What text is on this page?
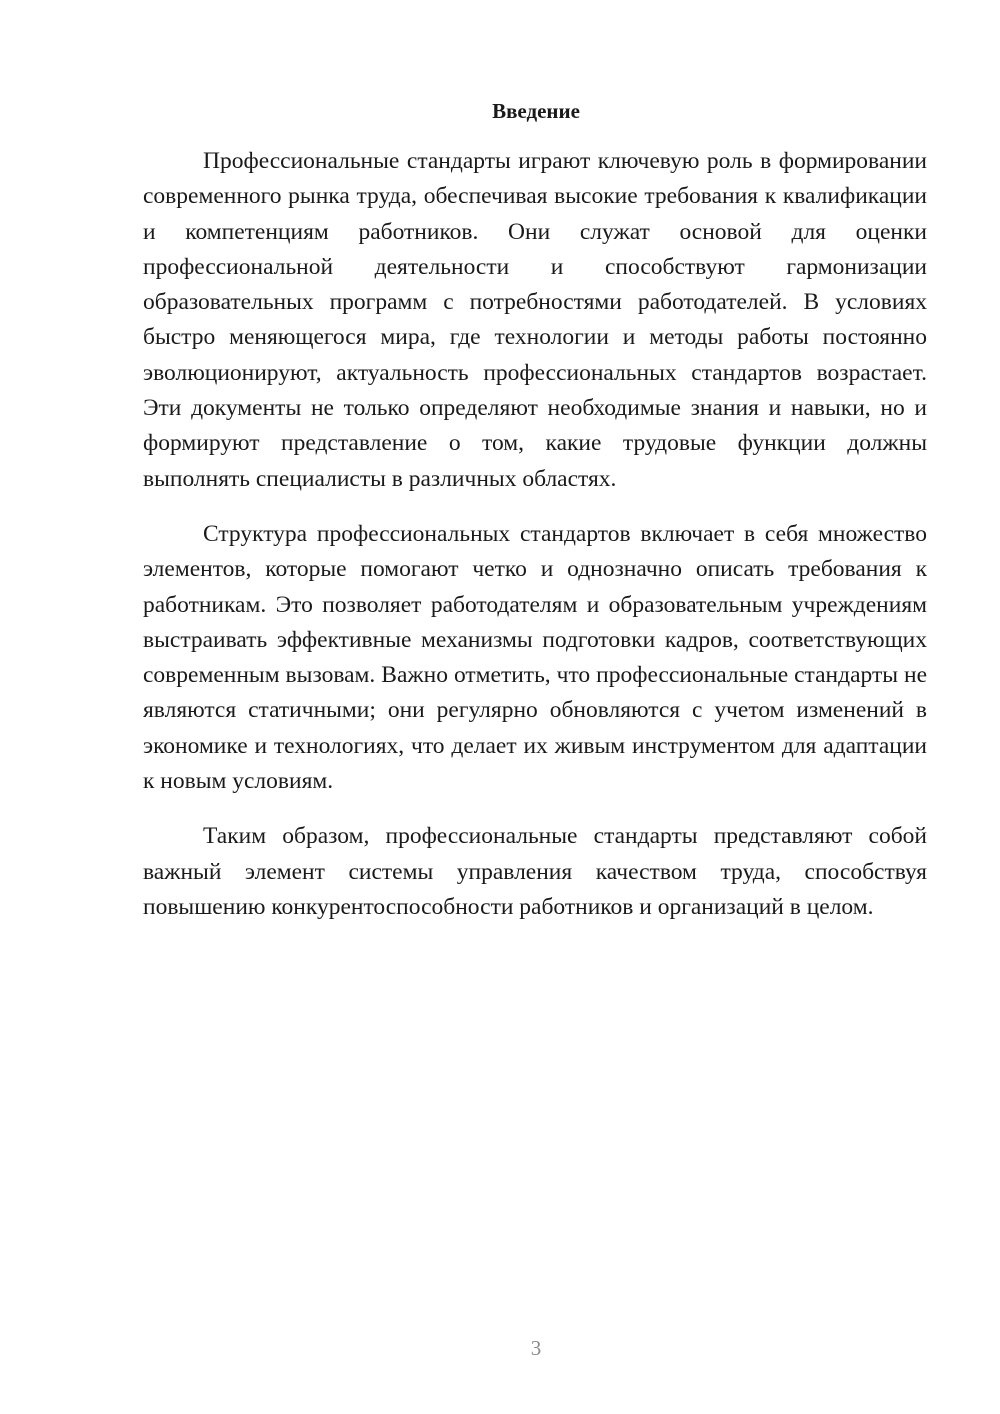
Введение

Профессиональные стандарты играют ключевую роль в формировании современного рынка труда, обеспечивая высокие требования к квалификации и компетенциям работников. Они служат основой для оценки профессиональной деятельности и способствуют гармонизации образовательных программ с потребностями работодателей. В условиях быстро меняющегося мира, где технологии и методы работы постоянно эволюционируют, актуальность профессиональных стандартов возрастает. Эти документы не только определяют необходимые знания и навыки, но и формируют представление о том, какие трудовые функции должны выполнять специалисты в различных областях.

Структура профессиональных стандартов включает в себя множество элементов, которые помогают четко и однозначно описать требования к работникам. Это позволяет работодателям и образовательным учреждениям выстраивать эффективные механизмы подготовки кадров, соответствующих современным вызовам. Важно отметить, что профессиональные стандарты не являются статичными; они регулярно обновляются с учетом изменений в экономике и технологиях, что делает их живым инструментом для адаптации к новым условиям.

Таким образом, профессиональные стандарты представляют собой важный элемент системы управления качеством труда, способствуя повышению конкурентоспособности работников и организаций в целом.

3
